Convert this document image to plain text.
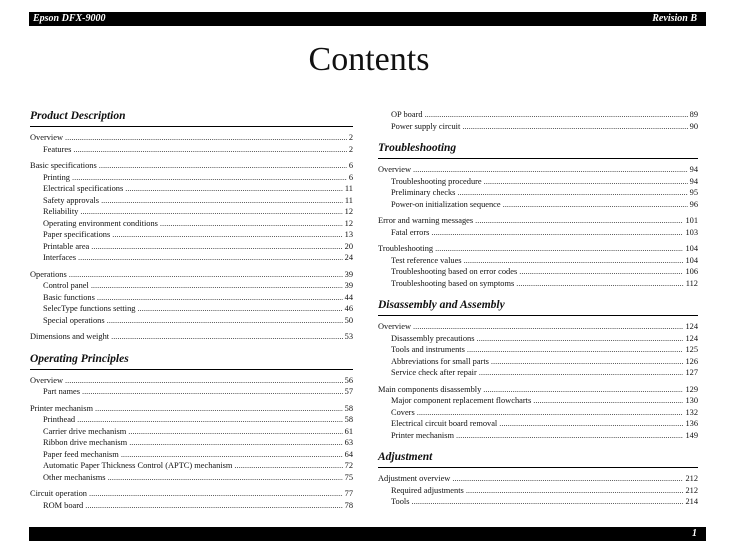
Epson DFX-9000	Revision B
Contents
Product Description
Overview .....	2
Features .....	2
Basic specifications .....	6
Printing .....	6
Electrical specifications .....	11
Safety approvals .....	11
Reliability .....	12
Operating environment conditions .....	12
Paper specifications .....	13
Printable area .....	20
Interfaces .....	24
Operations .....	39
Control panel .....	39
Basic functions .....	44
SelecType functions setting .....	46
Special operations .....	50
Dimensions and weight .....	53
Operating Principles
Overview .....	56
Part names .....	57
Printer mechanism .....	58
Printhead .....	58
Carrier drive mechanism .....	61
Ribbon drive mechanism .....	63
Paper feed mechanism .....	64
Automatic Paper Thickness Control (APTC) mechanism .....	72
Other mechanisms .....	75
Circuit operation .....	77
ROM board .....	78
OP board .....	89
Power supply circuit .....	90
Troubleshooting
Overview .....	94
Troubleshooting procedure .....	94
Preliminary checks .....	95
Power-on initialization sequence .....	96
Error and warning messages .....	101
Fatal errors .....	103
Troubleshooting .....	104
Test reference values .....	104
Troubleshooting based on error codes .....	106
Troubleshooting based on symptoms .....	112
Disassembly and Assembly
Overview .....	124
Disassembly precautions .....	124
Tools and instruments .....	125
Abbreviations for small parts .....	126
Service check after repair .....	127
Main components disassembly .....	129
Major component replacement flowcharts .....	130
Covers .....	132
Electrical circuit board removal .....	136
Printer mechanism .....	149
Adjustment
Adjustment overview .....	212
Required adjustments .....	212
Tools .....	214
1
